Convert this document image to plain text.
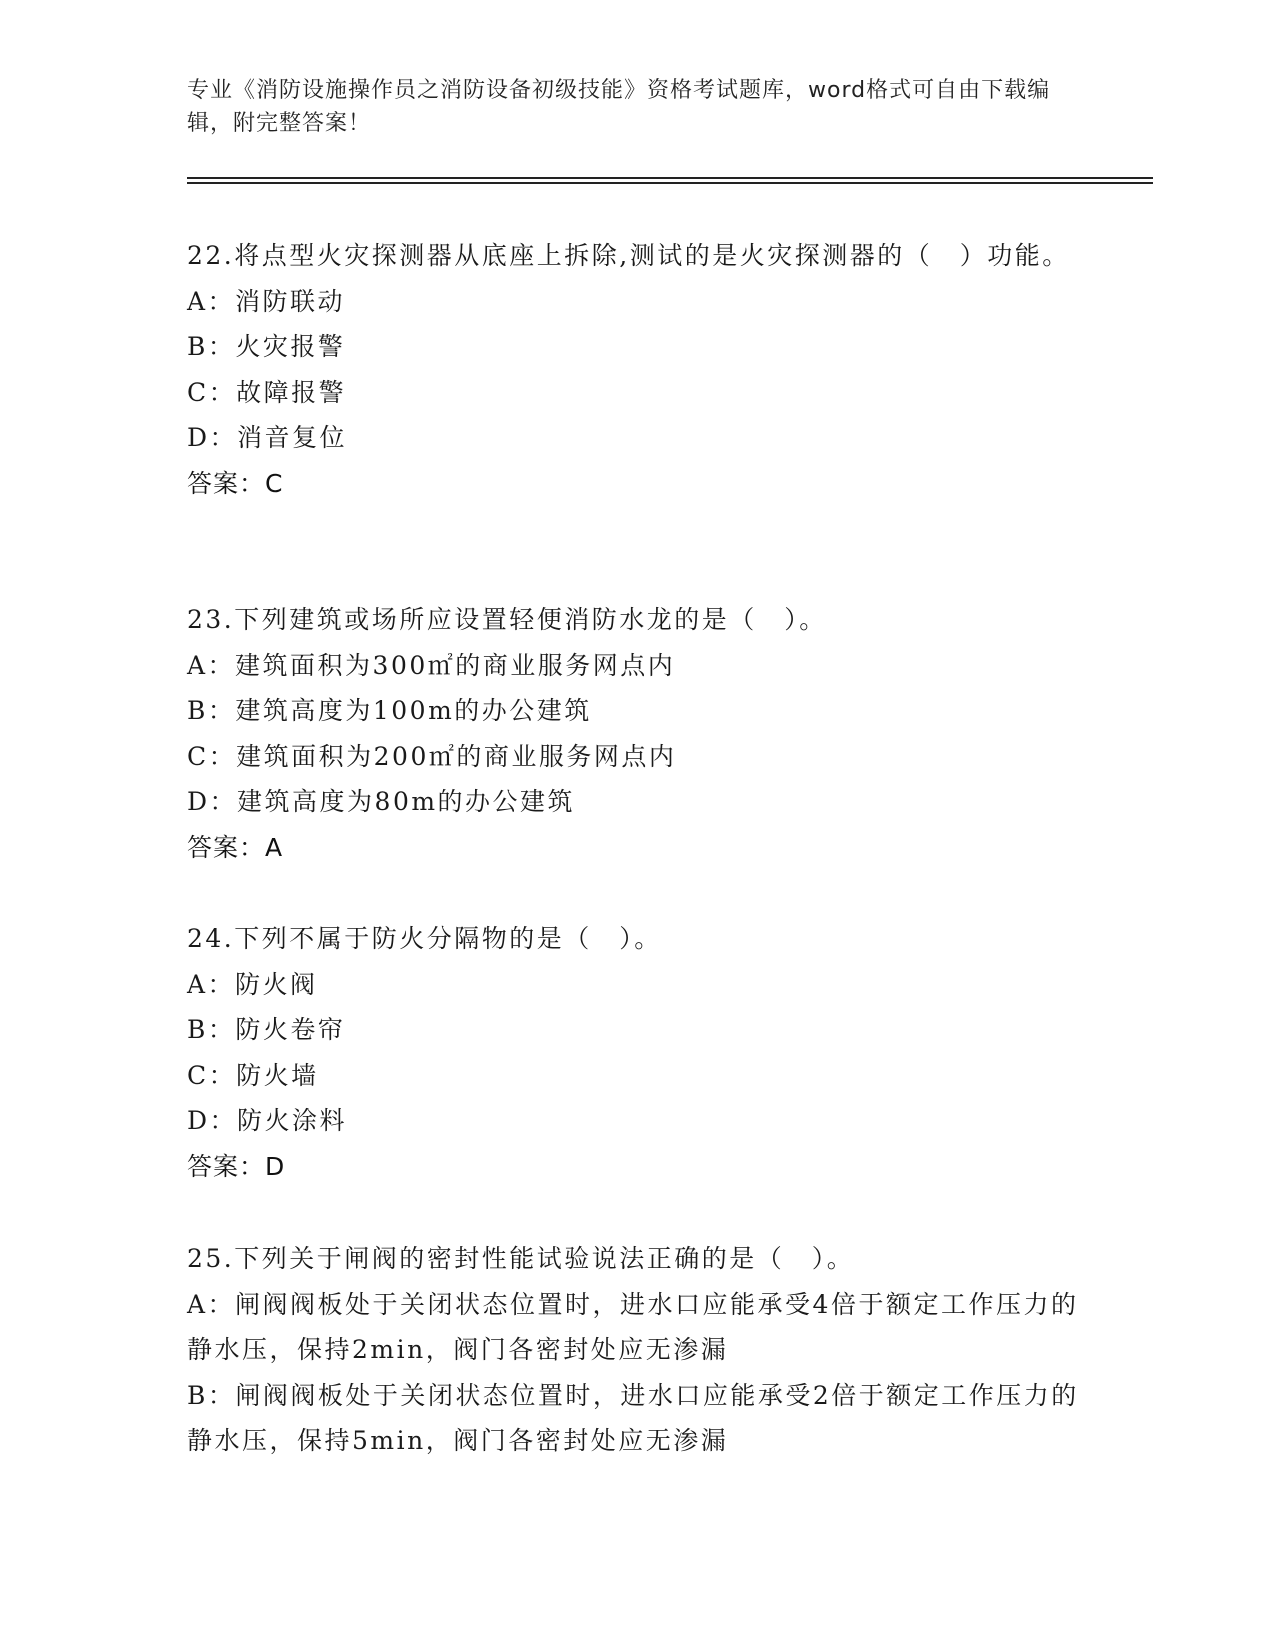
专业《消防设施操作员之消防设备初级技能》资格考试题库，word格式可自由下载编辑，附完整答案！

22.将点型火灾探测器从底座上拆除,测试的是火灾探测器的（　）功能。

A：消防联动

B：火灾报警

C：故障报警

D：消音复位

答案：C

23.下列建筑或场所应设置轻便消防水龙的是（　）。

A：建筑面积为300㎡的商业服务网点内

B：建筑高度为100m的办公建筑

C：建筑面积为200㎡的商业服务网点内

D：建筑高度为80m的办公建筑

答案：A

24.下列不属于防火分隔物的是（　）。

A：防火阀

B：防火卷帘

C：防火墙

D：防火涂料

答案：D

25.下列关于闸阀的密封性能试验说法正确的是（　）。

A：闸阀阀板处于关闭状态位置时，进水口应能承受4倍于额定工作压力的静水压，保持2min，阀门各密封处应无渗漏

B：闸阀阀板处于关闭状态位置时，进水口应能承受2倍于额定工作压力的静水压，保持5min，阀门各密封处应无渗漏
